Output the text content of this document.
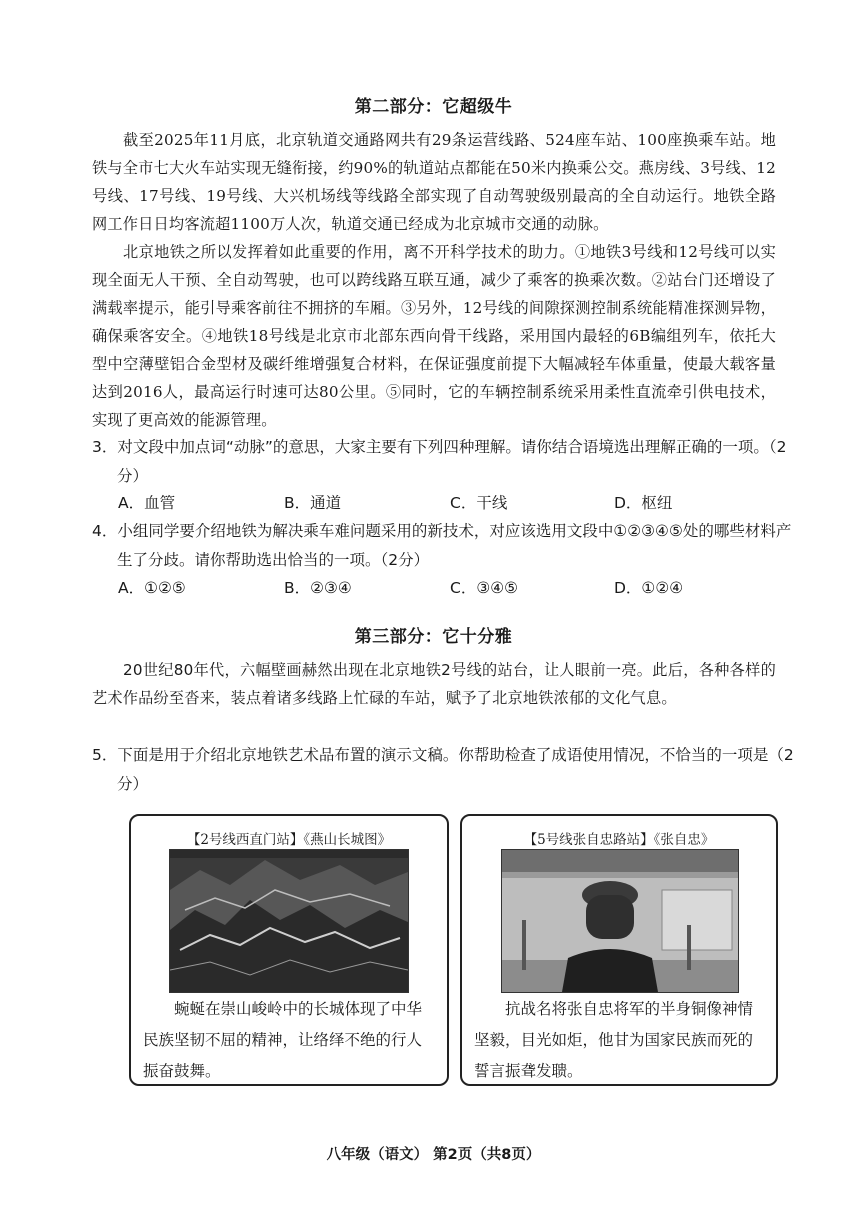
第二部分：它超级牛
截至2025年11月底，北京轨道交通路网共有29条运营线路、524座车站、100座换乘车站。地铁与全市七大火车站实现无缝衔接，约90%的轨道站点都能在50米内换乘公交。燕房线、3号线、12号线、17号线、19号线、大兴机场线等线路全部实现了自动驾驶级别最高的全自动运行。地铁全路网工作日日均客流超1100万人次，轨道交通已经成为北京城市交通的动脉。
北京地铁之所以发挥着如此重要的作用，离不开科学技术的助力。①地铁3号线和12号线可以实现全面无人干预、全自动驾驶，也可以跨线路互联互通，减少了乘客的换乘次数。②站台门还增设了满载率提示，能引导乘客前往不拥挤的车厢。③另外，12号线的间隙探测控制系统能精准探测异物，确保乘客安全。④地铁18号线是北京市北部东西向骨干线路，采用国内最轻的6B编组列车，依托大型中空薄壁铝合金型材及碳纤维增强复合材料，在保证强度前提下大幅减轻车体重量，使最大载客量达到2016人，最高运行时速可达80公里。⑤同时，它的车辆控制系统采用柔性直流牵引供电技术，实现了更高效的能源管理。
3．对文段中加点词“动脉”的意思，大家主要有下列四种理解。请你结合语境选出理解正确的一项。（2分）
A．血管	B．通道	C．干线	D．枢纽
4．小组同学要介绍地铁为解决乘车难问题采用的新技术，对应该选用文段中①②③④⑤处的哪些材料产生了分歧。请你帮助选出恰当的一项。（2分）
A．①②⑤	B．②③④	C．③④⑤	D．①②④
第三部分：它十分雅
20世纪80年代，六幅壁画赫然出现在北京地铁2号线的站台，让人眼前一亮。此后，各种各样的艺术作品纷至沓来，装点着诸多线路上忙碌的车站，赋予了北京地铁浓郁的文化气息。
5．下面是用于介绍北京地铁艺术品布置的演示文稿。你帮助检查了成语使用情况，不恰当的一项是（2分）
【2号线西直门站】《燕山长城图》
蜿蜒在崇山峻岭中的长城体现了中华民族坚韧不屈的精神，让络绎不绝的行人振奋鼓舞。
【5号线张自忠路站】《张自忠》
抗战名将张自忠将军的半身铜像神情坚毅，目光如炬，他甘为国家民族而死的誓言振聋发聩。
八年级（语文） 第2页（共8页）
